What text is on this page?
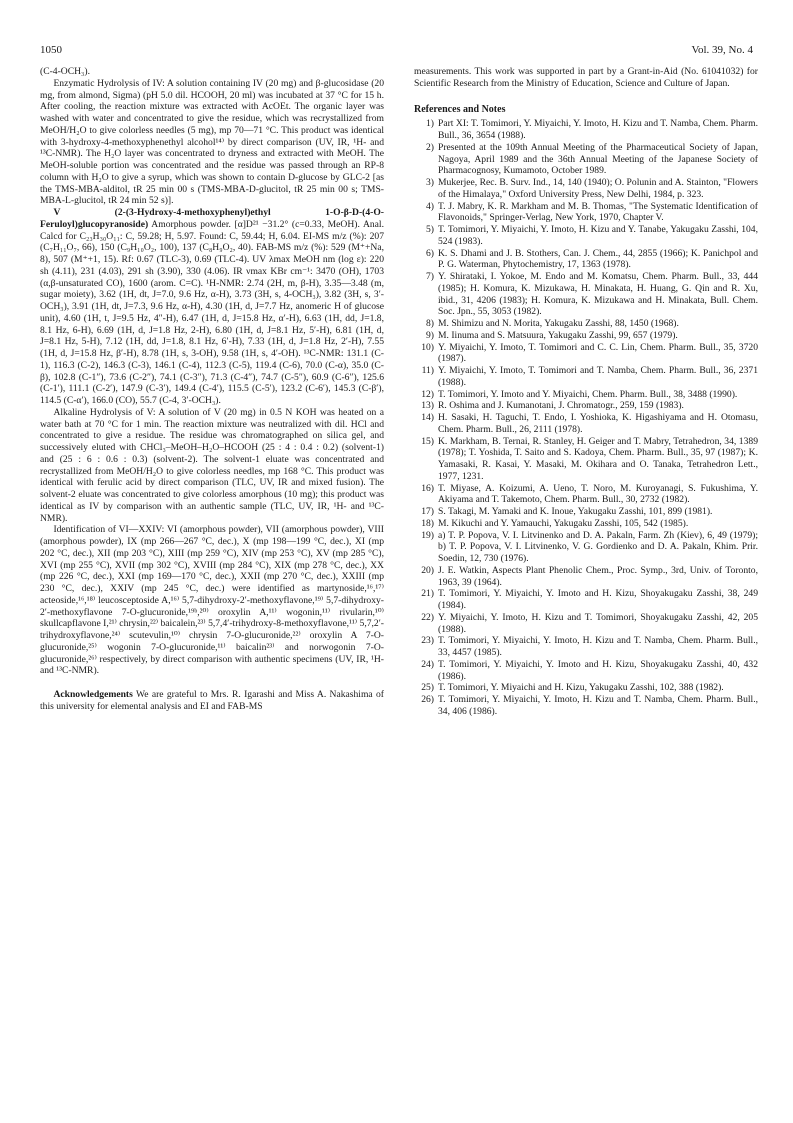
1050	Vol. 39, No. 4

(C-4-OCH₃).

Enzymatic Hydrolysis of IV: A solution containing IV (20 mg) and β-glucosidase (20 mg, from almond, Sigma) (pH 5.0 dil. HCOOH, 20 ml) was incubated at 37 °C for 15 h. After cooling, the reaction mixture was extracted with AcOEt. The organic layer was washed with water and concentrated to give the residue, which was recrystallized from MeOH/H₂O to give colorless needles (5 mg), mp 70—71 °C. This product was identical with 3-hydroxy-4-methoxyphenethyl alcohol¹⁴⁾ by direct comparison (UV, IR, ¹H- and ¹³C-NMR). The H₂O layer was concentrated to dryness and extracted with MeOH. The MeOH-soluble portion was concentrated and the residue was passed through an RP-8 column with H₂O to give a syrup, which was shown to contain D-glucose by GLC-2 [as the TMS-MBA-alditol, tR 25 min 00 s (TMS-MBA-D-glucitol, tR 25 min 00 s; TMS-MBA-L-glucitol, tR 24 min 52 s)].

V (2-(3-Hydroxy-4-methoxyphenyl)ethyl 1-O-β-D-(4-O-Feruloyl)glucopyranoside) Amorphous powder. [α]D²¹ −31.2° (c=0.33, MeOH). Anal. Calcd for C₂₃H₃₀O₁₁: C, 59.28; H, 5.97. Found: C, 59.44; H, 6.04. EI-MS m/z (%): 207 (C₇H₁₁O₇, 66), 150 (C₉H₁₀O₂, 100), 137 (C₈H₉O₂, 40). FAB-MS m/z (%): 529 (M⁺+Na, 8), 507 (M⁺+1, 15). Rf: 0.67 (TLC-3), 0.69 (TLC-4). UV λmax MeOH nm (log ε): 220 sh (4.11), 231 (4.03), 291 sh (3.90), 330 (4.06). IR νmax KBr cm⁻¹: 3470 (OH), 1703 (α,β-unsaturated CO), 1600 (arom. C=C). ¹H-NMR: 2.74 (2H, m, β-H), 3.35—3.48 (m, sugar moiety), 3.62 (1H, dt, J=7.0, 9.6 Hz, α-H), 3.73 (3H, s, 4-OCH₃), 3.82 (3H, s, 3′-OCH₃), 3.91 (1H, dt, J=7.3, 9.6 Hz, α-H), 4.30 (1H, d, J=7.7 Hz, anomeric H of glucose unit), 4.60 (1H, t, J=9.5 Hz, 4″-H), 6.47 (1H, d, J=15.8 Hz, α′-H), 6.63 (1H, dd, J=1.8, 8.1 Hz, 6-H), 6.69 (1H, d, J=1.8 Hz, 2-H), 6.80 (1H, d, J=8.1 Hz, 5′-H), 6.81 (1H, d, J=8.1 Hz, 5-H), 7.12 (1H, dd, J=1.8, 8.1 Hz, 6′-H), 7.33 (1H, d, J=1.8 Hz, 2′-H), 7.55 (1H, d, J=15.8 Hz, β′-H), 8.78 (1H, s, 3-OH), 9.58 (1H, s, 4′-OH). ¹³C-NMR: 131.1 (C-1), 116.3 (C-2), 146.3 (C-3), 146.1 (C-4), 112.3 (C-5), 119.4 (C-6), 70.0 (C-α), 35.0 (C-β), 102.8 (C-1″), 73.6 (C-2″), 74.1 (C-3″), 71.3 (C-4″), 74.7 (C-5″), 60.9 (C-6″), 125.6 (C-1′), 111.1 (C-2′), 147.9 (C-3′), 149.4 (C-4′), 115.5 (C-5′), 123.2 (C-6′), 145.3 (C-β′), 114.5 (C-α′), 166.0 (CO), 55.7 (C-4, 3′-OCH₃).

Alkaline Hydrolysis of V: A solution of V (20 mg) in 0.5 N KOH was heated on a water bath at 70 °C for 1 min. The reaction mixture was neutralized with dil. HCl and concentrated to give a residue. The residue was chromatographed on silica gel, and successively eluted with CHCl₃–MeOH–H₂O–HCOOH (25 : 4 : 0.4 : 0.2) (solvent-1) and (25 : 6 : 0.6 : 0.3) (solvent-2). The solvent-1 eluate was concentrated and recrystallized from MeOH/H₂O to give colorless needles, mp 168 °C. This product was identical with ferulic acid by direct comparison (TLC, UV, IR and mixed fusion). The solvent-2 eluate was concentrated to give colorless amorphous (10 mg); this product was identical as IV by comparison with an authentic sample (TLC, UV, IR, ¹H- and ¹³C-NMR).

Identification of VI—XXIV: VI (amorphous powder), VII (amorphous powder), VIII (amorphous powder), IX (mp 266—267 °C, dec.), X (mp 198—199 °C, dec.), XI (mp 202 °C, dec.), XII (mp 203 °C), XIII (mp 259 °C), XIV (mp 253 °C), XV (mp 285 °C), XVI (mp 255 °C), XVII (mp 302 °C), XVIII (mp 284 °C), XIX (mp 278 °C, dec.), XX (mp 226 °C, dec.), XXI (mp 169—170 °C, dec.), XXII (mp 270 °C, dec.), XXIII (mp 230 °C, dec.), XXIV (mp 245 °C, dec.) were identified as martynoside,¹⁶,¹⁷⁾ acteoside,¹⁶,¹⁸⁾ leucosceptoside A,¹⁶⁾ 5,7-dihydroxy-2′-methoxyflavone,¹⁹⁾ 5,7-dihydroxy-2′-methoxyflavone 7-O-glucuronide,¹⁹ᵇ,²⁰⁾ oroxylin A,¹¹⁾ wogonin,¹¹⁾ rivularin,¹⁰⁾ skullcapflavone I,²¹⁾ chrysin,²²⁾ baicalein,²³⁾ 5,7,4′-trihydroxy-8-methoxyflavone,¹¹⁾ 5,7,2′-trihydroxyflavone,²⁴⁾ scutevulin,¹⁰⁾ chrysin 7-O-glucuronide,²²⁾ oroxylin A 7-O-glucuronide,²⁵⁾ wogonin 7-O-glucuronide,¹¹⁾ baicalin²³⁾ and norwogonin 7-O-glucuronide,²⁶⁾ respectively, by direct comparison with authentic specimens (UV, IR, ¹H- and ¹³C-NMR).

Acknowledgements We are grateful to Mrs. R. Igarashi and Miss A. Nakashima of this university for elemental analysis and EI and FAB-MS

measurements. This work was supported in part by a Grant-in-Aid (No. 61041032) for Scientific Research from the Ministry of Education, Science and Culture of Japan.

References and Notes
1) Part XI: T. Tomimori, Y. Miyaichi, Y. Imoto, H. Kizu and T. Namba, Chem. Pharm. Bull., 36, 3654 (1988).
2) Presented at the 109th Annual Meeting of the Pharmaceutical Society of Japan, Nagoya, April 1989 and the 36th Annual Meeting of the Japanese Society of Pharmacognosy, Kumamoto, October 1989.
3) Mukerjee, Rec. B. Surv. Ind., 14, 140 (1940); O. Polunin and A. Stainton, "Flowers of the Himalaya," Oxford University Press, New Delhi, 1984, p. 323.
4) T. J. Mabry, K. R. Markham and M. B. Thomas, "The Systematic Identification of Flavonoids," Springer-Verlag, New York, 1970, Chapter V.
5) T. Tomimori, Y. Miyaichi, Y. Imoto, H. Kizu and Y. Tanabe, Yakugaku Zasshi, 104, 524 (1983).
6) K. S. Dhami and J. B. Stothers, Can. J. Chem., 44, 2855 (1966); K. Panichpol and P. G. Waterman, Phytochemistry, 17, 1363 (1978).
7) Y. Shirataki, I. Yokoe, M. Endo and M. Komatsu, Chem. Pharm. Bull., 33, 444 (1985); H. Komura, K. Mizukawa, H. Minakata, H. Huang, G. Qin and R. Xu, ibid., 31, 4206 (1983); H. Komura, K. Mizukawa and H. Minakata, Bull. Chem. Soc. Jpn., 55, 3053 (1982).
8) M. Shimizu and N. Morita, Yakugaku Zasshi, 88, 1450 (1968).
9) M. Iinuma and S. Matsuura, Yakugaku Zasshi, 99, 657 (1979).
10) Y. Miyaichi, Y. Imoto, T. Tomimori and C. C. Lin, Chem. Pharm. Bull., 35, 3720 (1987).
11) Y. Miyaichi, Y. Imoto, T. Tomimori and T. Namba, Chem. Pharm. Bull., 36, 2371 (1988).
12) T. Tomimori, Y. Imoto and Y. Miyaichi, Chem. Pharm. Bull., 38, 3488 (1990).
13) R. Oshima and J. Kumanotani, J. Chromatogr., 259, 159 (1983).
14) H. Sasaki, H. Taguchi, T. Endo, I. Yoshioka, K. Higashiyama and H. Otomasu, Chem. Pharm. Bull., 26, 2111 (1978).
15) K. Markham, B. Ternai, R. Stanley, H. Geiger and T. Mabry, Tetrahedron, 34, 1389 (1978); T. Yoshida, T. Saito and S. Kadoya, Chem. Pharm. Bull., 35, 97 (1987); K. Yamasaki, R. Kasai, Y. Masaki, M. Okihara and O. Tanaka, Tetrahedron Lett., 1977, 1231.
16) T. Miyase, A. Koizumi, A. Ueno, T. Noro, M. Kuroyanagi, S. Fukushima, Y. Akiyama and T. Takemoto, Chem. Pharm. Bull., 30, 2732 (1982).
17) S. Takagi, M. Yamaki and K. Inoue, Yakugaku Zasshi, 101, 899 (1981).
18) M. Kikuchi and Y. Yamauchi, Yakugaku Zasshi, 105, 542 (1985).
19) a) T. P. Popova, V. I. Litvinenko and D. A. Pakaln, Farm. Zh (Kiev), 6, 49 (1979); b) T. P. Popova, V. I. Litvinenko, V. G. Gordienko and D. A. Pakaln, Khim. Prir. Soedin, 12, 730 (1976).
20) J. E. Watkin, Aspects Plant Phenolic Chem., Proc. Symp., 3rd, Univ. of Toronto, 1963, 39 (1964).
21) T. Tomimori, Y. Miyaichi, Y. Imoto and H. Kizu, Shoyakugaku Zasshi, 38, 249 (1984).
22) Y. Miyaichi, Y. Imoto, H. Kizu and T. Tomimori, Shoyakugaku Zasshi, 42, 205 (1988).
23) T. Tomimori, Y. Miyaichi, Y. Imoto, H. Kizu and T. Namba, Chem. Pharm. Bull., 33, 4457 (1985).
24) T. Tomimori, Y. Miyaichi, Y. Imoto and H. Kizu, Shoyakugaku Zasshi, 40, 432 (1986).
25) T. Tomimori, Y. Miyaichi and H. Kizu, Yakugaku Zasshi, 102, 388 (1982).
26) T. Tomimori, Y. Miyaichi, Y. Imoto, H. Kizu and T. Namba, Chem. Pharm. Bull., 34, 406 (1986).
